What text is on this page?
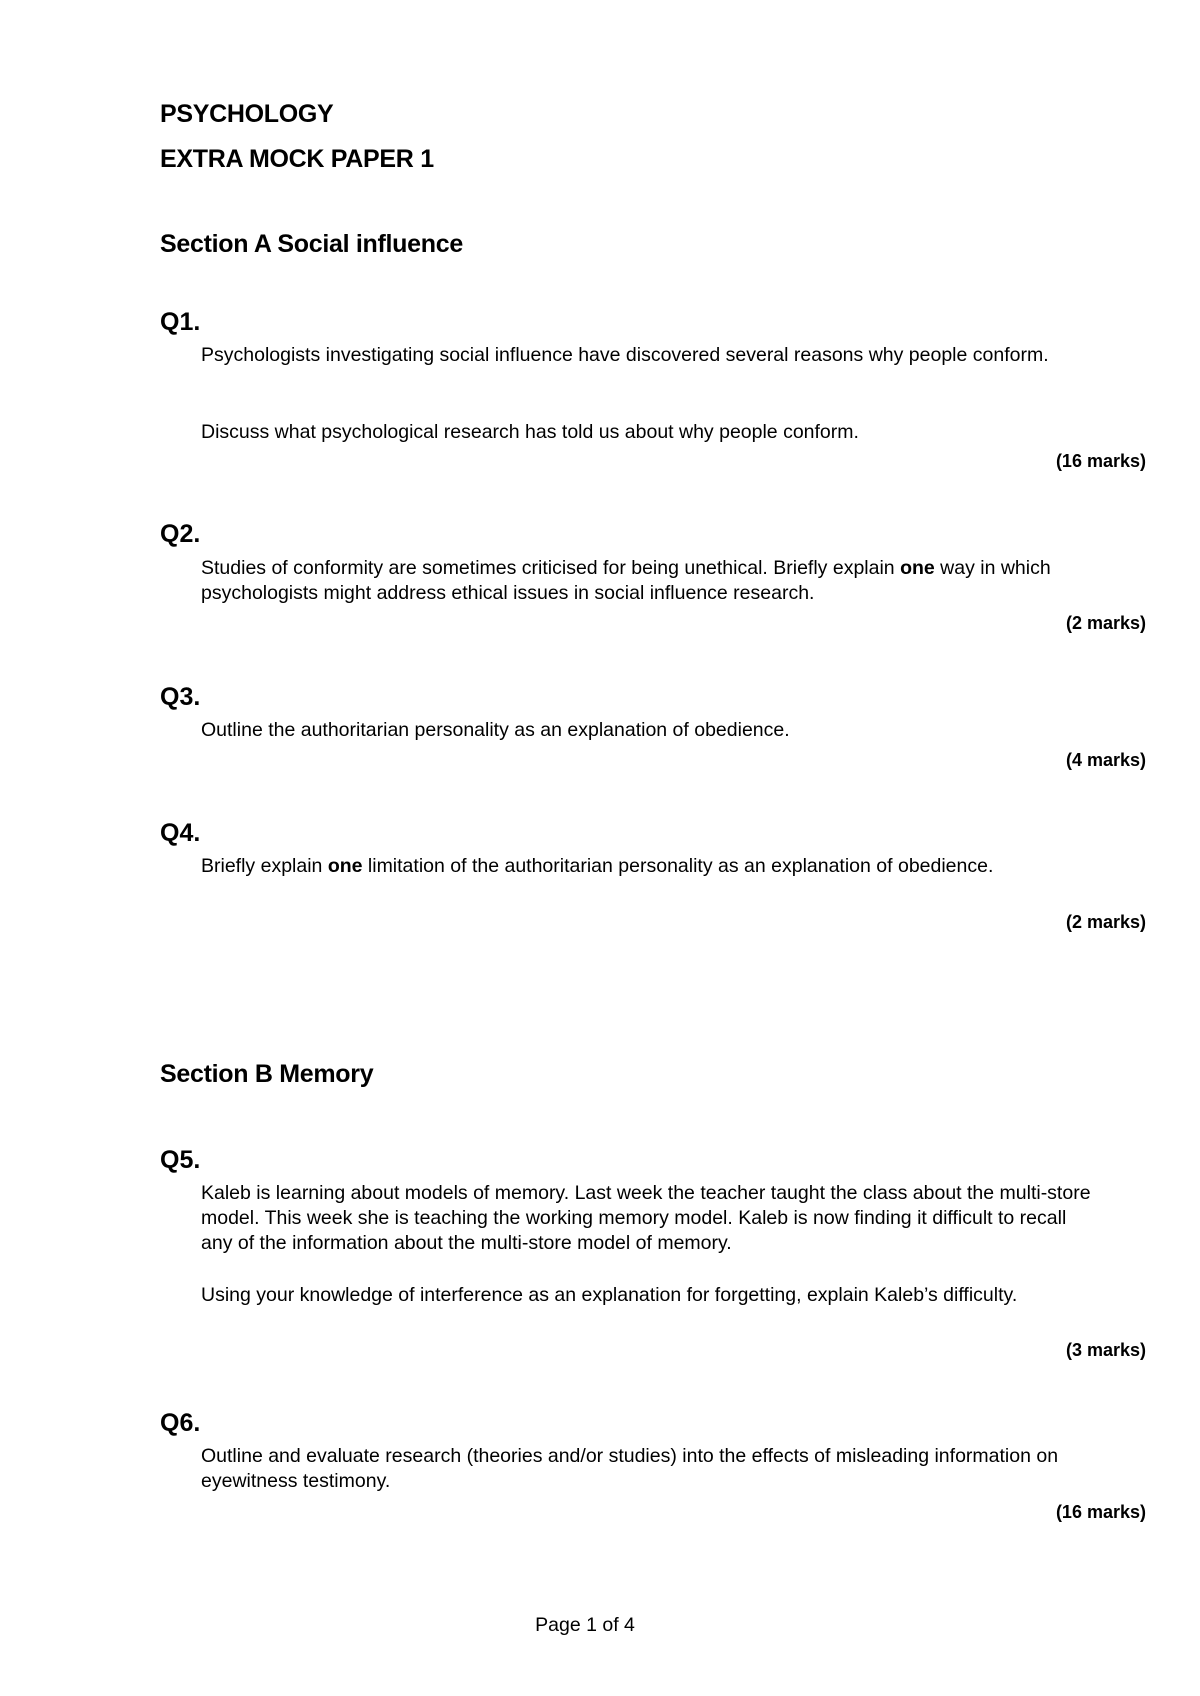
PSYCHOLOGY
EXTRA MOCK PAPER 1
Section A Social influence
Q1.
Psychologists investigating social influence have discovered several reasons why people conform.
Discuss what psychological research has told us about why people conform.
(16 marks)
Q2.
Studies of conformity are sometimes criticised for being unethical. Briefly explain one way in which psychologists might address ethical issues in social influence research.
(2 marks)
Q3.
Outline the authoritarian personality as an explanation of obedience.
(4 marks)
Q4.
Briefly explain one limitation of the authoritarian personality as an explanation of obedience.
(2 marks)
Section B Memory
Q5.
Kaleb is learning about models of memory. Last week the teacher taught the class about the multi-store model. This week she is teaching the working memory model. Kaleb is now finding it difficult to recall any of the information about the multi-store model of memory.
Using your knowledge of interference as an explanation for forgetting, explain Kaleb’s difficulty.
(3 marks)
Q6.
Outline and evaluate research (theories and/or studies) into the effects of misleading information on eyewitness testimony.
(16 marks)
Page 1 of 4
